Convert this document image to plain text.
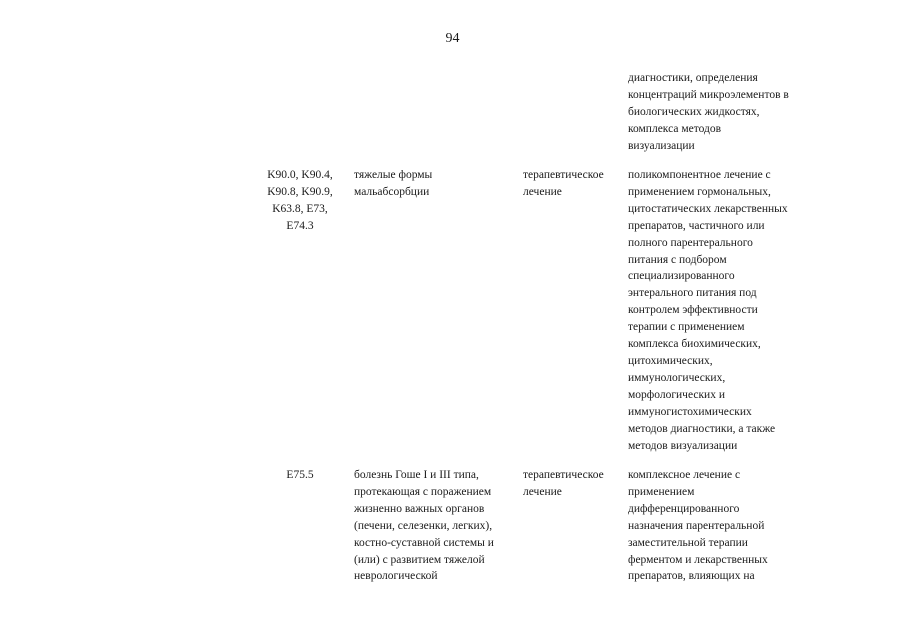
94
диагностики, определения
концентраций микроэлементов в
биологических жидкостях,
комплекса методов
визуализации
K90.0, K90.4,
K90.8, K90.9,
K63.8, E73,
E74.3
тяжелые формы
мальабсорбции
терапевтическое
лечение
поликомпонентное лечение с
применением гормональных,
цитостатических лекарственных
препаратов, частичного или
полного парентерального
питания с подбором
специализированного
энтерального питания под
контролем эффективности
терапии с применением
комплекса биохимических,
цитохимических,
иммунологических,
морфологических и
иммуногистохимических
методов диагностики, а также
методов визуализации
E75.5	болезнь Гоше I и III типа,
протекающая с поражением
жизненно важных органов
(печени, селезенки, легких),
костно-суставной системы и
(или) с развитием тяжелой
неврологической
терапевтическое
лечение
комплексное лечение с
применением
дифференцированного
назначения парентеральной
заместительной терапии
ферментом и лекарственных
препаратов, влияющих на
